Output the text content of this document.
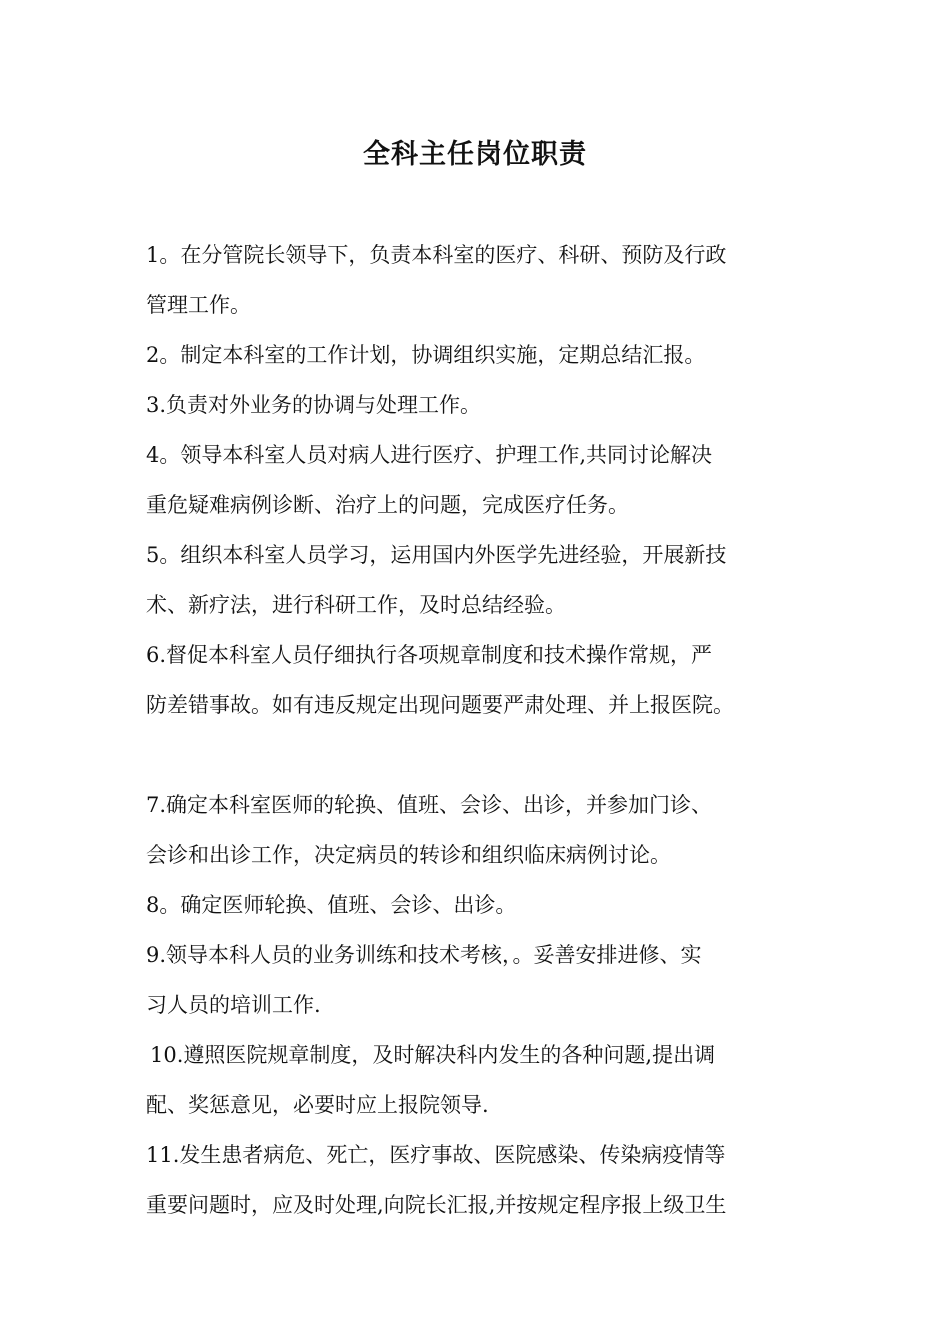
全科主任岗位职责
1。在分管院长领导下，负责本科室的医疗、科研、预防及行政
管理工作。
2。制定本科室的工作计划，协调组织实施，定期总结汇报。
3.负责对外业务的协调与处理工作。
4。领导本科室人员对病人进行医疗、护理工作,共同讨论解决
重危疑难病例诊断、治疗上的问题，完成医疗任务。
5。组织本科室人员学习，运用国内外医学先进经验，开展新技
术、新疗法，进行科研工作，及时总结经验。
6.督促本科室人员仔细执行各项规章制度和技术操作常规，严
防差错事故。如有违反规定出现问题要严肃处理、并上报医院。
7.确定本科室医师的轮换、值班、会诊、出诊，并参加门诊、
会诊和出诊工作，决定病员的转诊和组织临床病例讨论。
8。确定医师轮换、值班、会诊、出诊。
9.领导本科人员的业务训练和技术考核，。妥善安排进修、实
习人员的培训工作.
10.遵照医院规章制度，及时解决科内发生的各种问题,提出调
配、奖惩意见，必要时应上报院领导.
11.发生患者病危、死亡，医疗事故、医院感染、传染病疫情等
重要问题时，应及时处理,向院长汇报,并按规定程序报上级卫生
